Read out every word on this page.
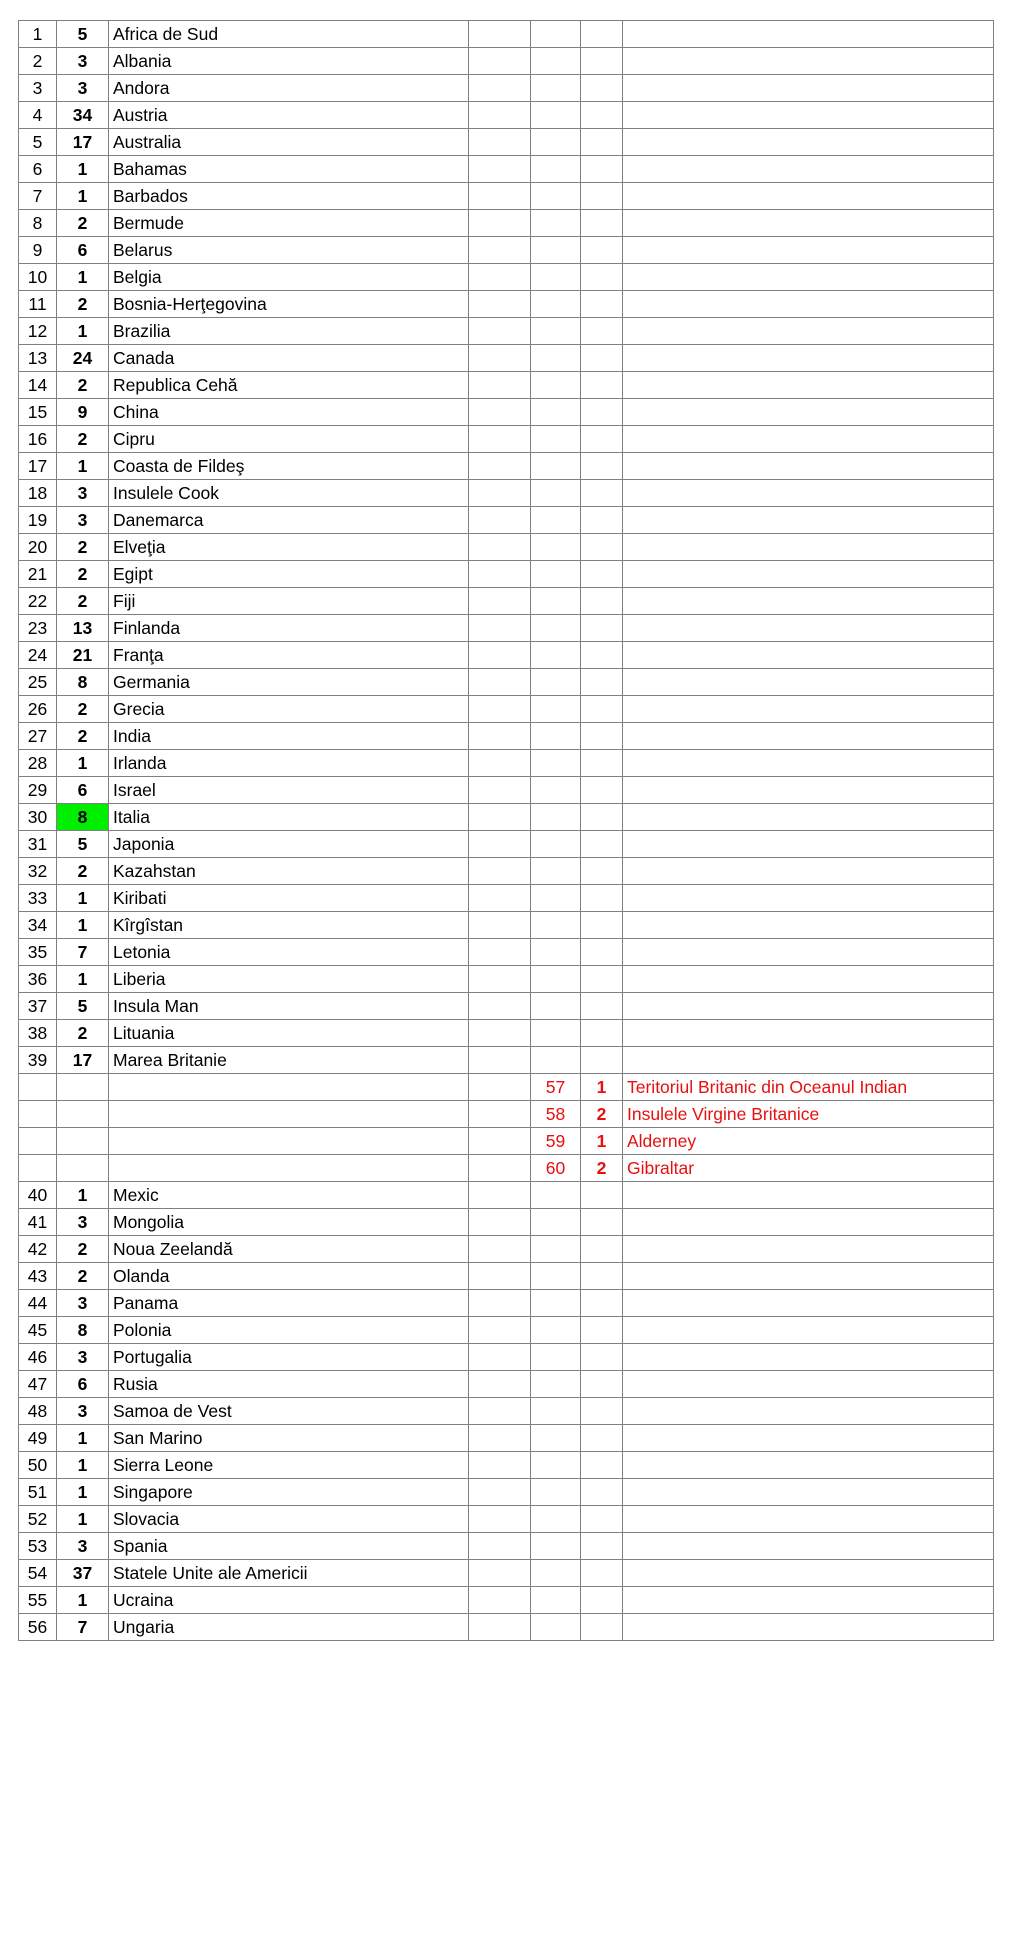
1	5	Africa de Sud				
2	3	Albania				
3	3	Andora				
4	34	Austria				
5	17	Australia				
6	1	Bahamas				
7	1	Barbados				
8	2	Bermude				
9	6	Belarus				
10	1	Belgia				
11	2	Bosnia-Herţegovina				
12	1	Brazilia				
13	24	Canada				
14	2	Republica Cehă				
15	9	China				
16	2	Cipru				
17	1	Coasta de Fildeş				
18	3	Insulele Cook				
19	3	Danemarca				
20	2	Elveţia				
21	2	Egipt				
22	2	Fiji				
23	13	Finlanda				
24	21	Franţa				
25	8	Germania				
26	2	Grecia				
27	2	India				
28	1	Irlanda				
29	6	Israel				
30	8	Italia				
31	5	Japonia				
32	2	Kazahstan				
33	1	Kiribati				
34	1	Kîrgîstan				
35	7	Letonia				
36	1	Liberia				
37	5	Insula Man				
38	2	Lituania				
39	17	Marea Britanie				
				57	1	Teritoriul Britanic din Oceanul Indian
				58	2	Insulele Virgine Britanice
				59	1	Alderney
				60	2	Gibraltar
40	1	Mexic				
41	3	Mongolia				
42	2	Noua Zeelandă				
43	2	Olanda				
44	3	Panama				
45	8	Polonia				
46	3	Portugalia				
47	6	Rusia				
48	3	Samoa de Vest				
49	1	San Marino				
50	1	Sierra Leone				
51	1	Singapore				
52	1	Slovacia				
53	3	Spania				
54	37	Statele Unite ale Americii				
55	1	Ucraina				
56	7	Ungaria				
